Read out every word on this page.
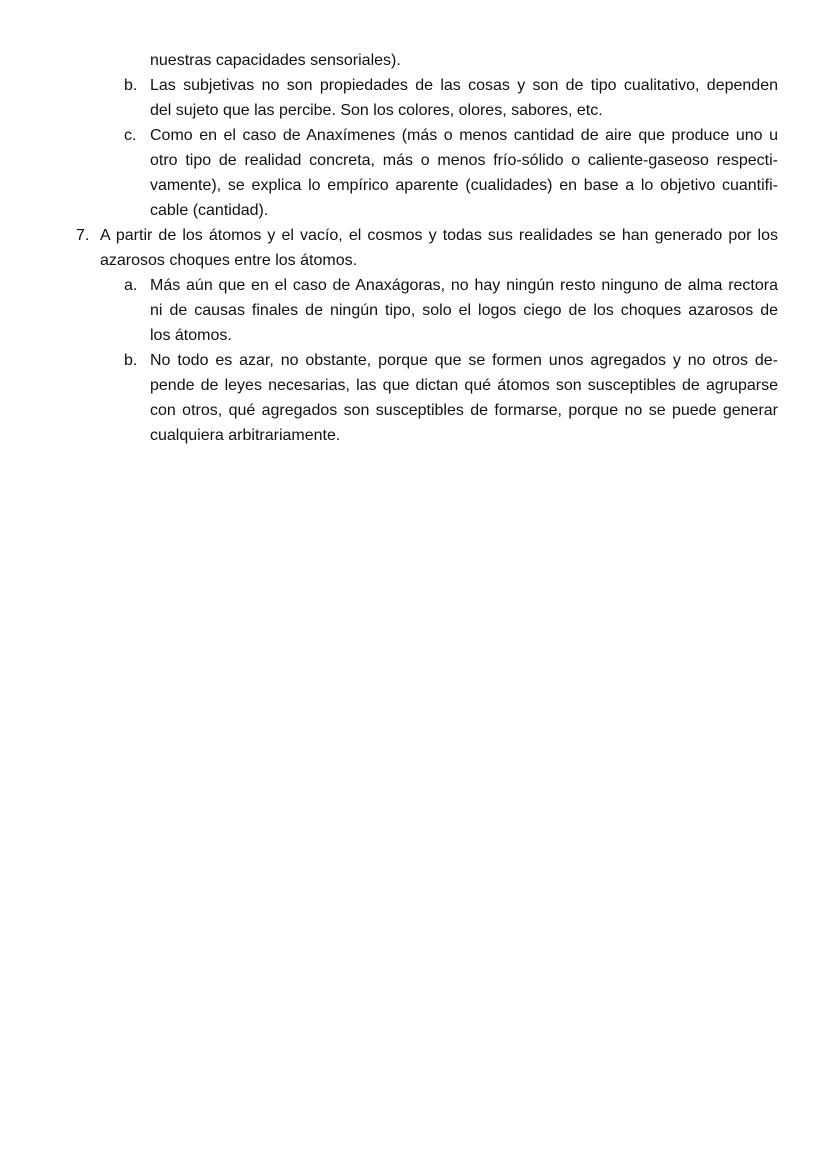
nuestras capacidades sensoriales).
b. Las subjetivas no son propiedades de las cosas y son de tipo cualitativo, dependen
del sujeto que las percibe. Son los colores, olores, sabores, etc.
c. Como en el caso de Anaxímenes (más o menos cantidad de aire que produce uno u
otro tipo de realidad concreta, más o menos frío-sólido o caliente-gaseoso respecti-
vamente), se explica lo empírico aparente (cualidades) en base a lo objetivo cuantifi-
cable (cantidad).
7. A partir de los átomos y el vacío, el cosmos y todas sus realidades se han generado por los
azarosos choques entre los átomos.
a. Más aún que en el caso de Anaxágoras, no hay ningún resto ninguno de alma rectora
ni de causas finales de ningún tipo, solo el logos ciego de los choques azarosos de
los átomos.
b. No todo es azar, no obstante, porque que se formen unos agregados y no otros de-
pende de leyes necesarias, las que dictan qué átomos son susceptibles de agruparse
con otros, qué agregados son susceptibles de formarse, porque no se puede generar
cualquiera arbitrariamente.
